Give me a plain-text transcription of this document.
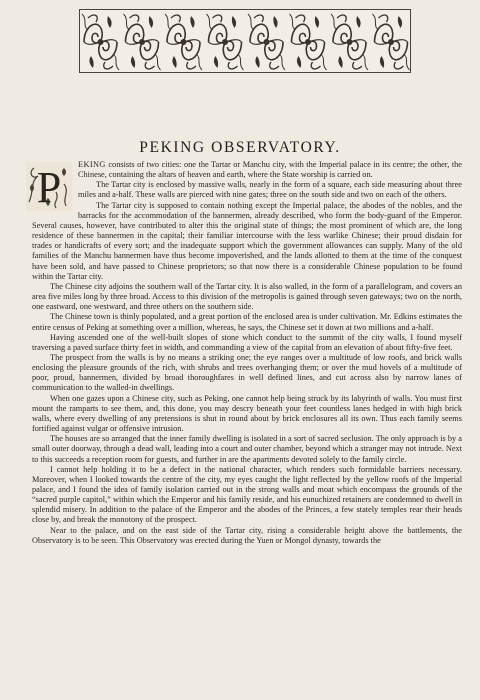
PEKING OBSERVATORY.

P EKING consists of two cities: one the Tartar or Manchu city, with the Imperial palace in its centre; the other, the Chinese, containing the altars of heaven and earth, where the State worship is carried on.

The Tartar city is enclosed by massive walls, nearly in the form of a square, each side measuring about three miles and a-half. These walls are pierced with nine gates; three on the south side and two on each of the others.

The Tartar city is supposed to contain nothing except the Imperial palace, the abodes of the nobles, and the barracks for the accommodation of the bannermen, already described, who form the body-guard of the Emperor. Several causes, however, have contributed to alter this the original state of things; the most prominent of which are, the long residence of these bannermen in the capital; their familiar intercourse with the less warlike Chinese; their proud disdain for trades or handicrafts of every sort; and the inadequate support which the government allowances can supply. Many of the old families of the Manchu bannermen have thus become impoverished, and the lands allotted to them at the time of the conquest have been sold, and have passed to Chinese proprietors; so that now there is a considerable Chinese population to be found within the Tartar city.

The Chinese city adjoins the southern wall of the Tartar city. It is also walled, in the form of a parallelogram, and covers an area five miles long by three broad. Access to this division of the metropolis is gained through seven gateways; two on the north, one eastward, one westward, and three others on the southern side.

The Chinese town is thinly populated, and a great portion of the enclosed area is under cultivation. Mr. Edkins estimates the entire census of Peking at something over a million, whereas, he says, the Chinese set it down at two millions and a-half.

Having ascended one of the well-built slopes of stone which conduct to the summit of the city walls, I found myself traversing a paved surface thirty feet in width, and commanding a view of the capital from an elevation of about fifty-five feet.

The prospect from the walls is by no means a striking one; the eye ranges over a multitude of low roofs, and brick walls enclosing the pleasure grounds of the rich, with shrubs and trees overhanging them; or over the mud hovels of a multitude of poor, proud, bannermen, divided by broad thoroughfares in well defined lines, and cut across also by narrow lanes of communication to the walled-in dwellings.

When one gazes upon a Chinese city, such as Peking, one cannot help being struck by its labyrinth of walls. You must first mount the ramparts to see them, and, this done, you may descry beneath your feet countless lanes hedged in with high brick walls, where every dwelling of any pretensions is shut in round about by brick enclosures all its own. Thus each family seems fortified against vulgar or offensive intrusion.

The houses are so arranged that the inner family dwelling is isolated in a sort of sacred seclusion. The only approach is by a small outer doorway, through a dead wall, leading into a court and outer chamber, beyond which a stranger may not intrude. Next to this succeeds a reception room for guests, and further in are the apartments devoted solely to the family circle.

I cannot help holding it to be a defect in the national character, which renders such formidable barriers necessary. Moreover, when I looked towards the centre of the city, my eyes caught the light reflected by the yellow roofs of the Imperial palace, and I found the idea of family isolation carried out in the strong walls and moat which encompass the grounds of the “sacred purple capitol,” within which the Emperor and his family reside, and his eunuchized retainers are condemned to dwell in splendid misery. In addition to the palace of the Emperor and the abodes of the Princes, a few stately temples rear their heads close by, and break the monotony of the prospect.

Near to the palace, and on the east side of the Tartar city, rising a considerable height above the battlements, the Observatory is to be seen. This Observatory was erected during the Yuen or Mongol dynasty, towards the
